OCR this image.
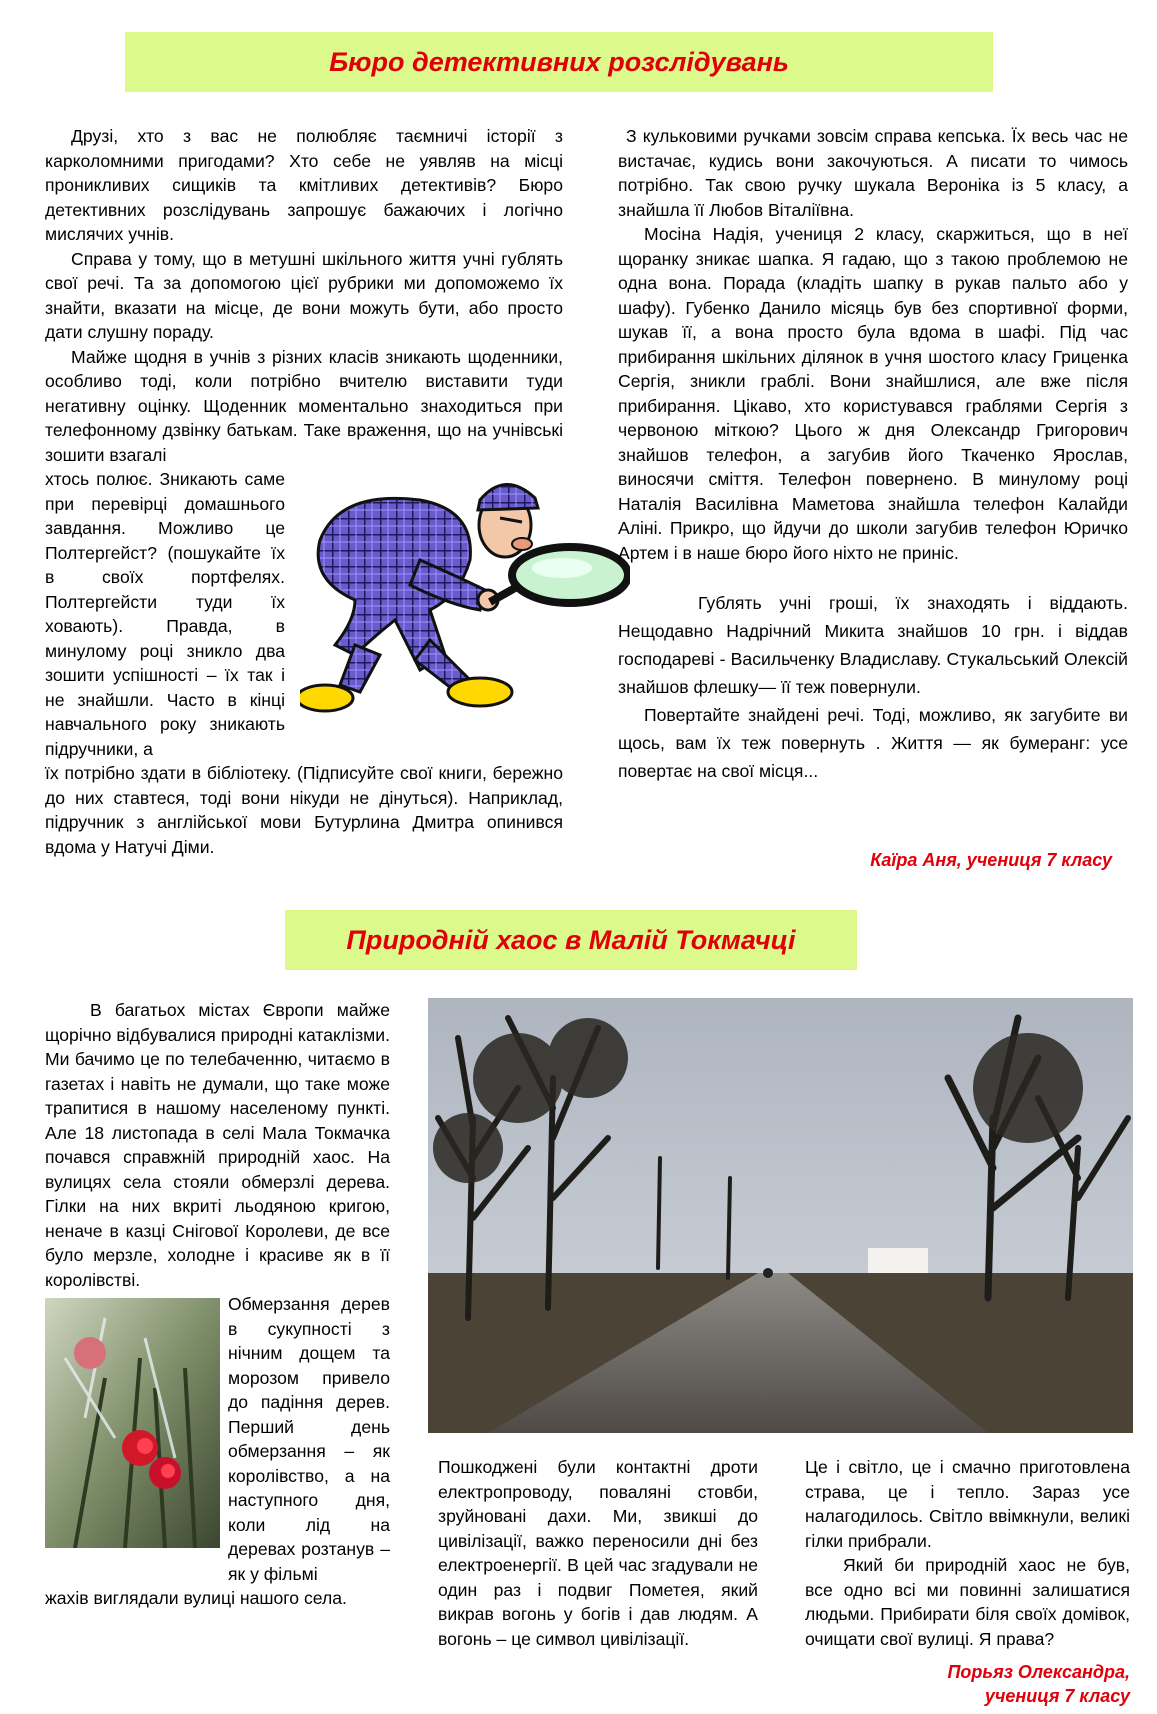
Бюро детективних розслідувань

Друзі, хто з вас не полюбляє таємничі історії з карколомними пригодами? Хто себе не уявляв на місці проникливих сищиків та кмітливих детективів? Бюро детективних розслідувань запрошує бажаючих і логічно мислячих учнів.

Справа у тому, що в метушні шкільного життя учні гублять свої речі. Та за допомогою цієї рубрики ми допоможемо їх знайти, вказати на місце, де вони можуть бути, або просто дати слушну пораду.

Майже щодня в учнів з різних класів зникають щоденники, особливо тоді, коли потрібно вчителю виставити туди негативну оцінку. Щоденник моментально знаходиться при телефонному дзвінку батькам. Таке враження, що на учнівські зошити взагалі

хтось полює. Зникають саме при перевірці домашнього завдання. Можливо це Полтергейст? (пошукайте їх в своїх портфелях. Полтергейсти туди їх ховають). Правда, в минулому році зникло два зошити успішності – їх так і не знайшли. Часто в кінці навчального року зникають підручники, а

їх потрібно здати в бібліотеку. (Підписуйте свої книги, бережно до них ставтеся, тоді вони нікуди не дінуться). Наприклад, підручник з англійської мови Бутурлина Дмитра опинився вдома у Натучі Діми.

З кульковими ручками зовсім справа кепська. Їх весь час не вистачає, кудись вони закочуються. А писати то чимось потрібно. Так свою ручку шукала Вероніка із 5 класу, а знайшла її Любов Віталіївна.

Мосіна Надія, учениця 2 класу, скаржиться, що в неї щоранку зникає шапка. Я гадаю, що з такою проблемою не одна вона. Порада (кладіть шапку в рукав пальто або у шафу). Губенко Данило місяць був без спортивної форми, шукав її, а вона просто була вдома в шафі. Під час прибирання шкільних ділянок в учня шостого класу Гриценка Сергія, зникли граблі. Вони знайшлися, але вже після прибирання. Цікаво, хто користувався граблями Сергія з червоною міткою? Цього ж дня Олександр Григорович знайшов телефон, а загубив його Ткаченко Ярослав, виносячи сміття. Телефон повернено. В минулому році Наталія Василівна Маметова знайшла телефон Калайди Аліні. Прикро, що йдучи до школи загубив телефон Юричко Артем і в наше бюро його ніхто не приніс.

Гублять учні гроші, їх знаходять і віддають. Нещодавно Надрічний Микита знайшов 10 грн. і віддав господареві - Васильченку Владиславу. Стукальський Олексій знайшов флешку— її теж повернули.

Повертайте знайдені речі. Тоді, можливо, як загубите ви щось, вам їх теж повернуть . Життя — як бумеранг: усе повертає на свої місця...

Каїра Аня, учениця 7 класу
Природній хаос в Малій Токмачці

В багатьох містах Європи майже щорічно відбувалися природні катаклізми. Ми бачимо це по телебаченню, читаємо в газетах і навіть не думали, що таке може трапитися в нашому населеному пункті. Але 18 листопада в селі Мала Токмачка почався справжній природній хаос. На вулицях села стояли обмерзлі дерева. Гілки на них вкриті льодяною кригою, неначе в казці Снігової Королеви, де все було мерзле, холодне і красиве як в її королівстві.

Обмерзання дерев в сукупності з нічним дощем та морозом привело до падіння дерев. Перший день обмерзання – як королівство, а на наступного дня, коли лід на деревах розтанув – як у фільмі

жахів виглядали вулиці нашого села.

Пошкоджені були контактні дроти електропроводу, поваляні стовби, зруйновані дахи. Ми, звикші до цивілізації, важко переносили дні без електроенергії. В цей час згадували не один раз і подвиг Пометея, який викрав вогонь у богів і дав людям. А вогонь – це символ цивілізації.

Це і світло, це і смачно приготовлена страва, це і тепло. Зараз усе налагодилось. Світло ввімкнули, великі гілки прибрали.

Який би природній хаос не був, все одно всі ми повинні залишатися людьми. Прибирати біля своїх домівок, очищати свої вулиці. Я права?

Порьяз Олександра,
учениця 7 класу
